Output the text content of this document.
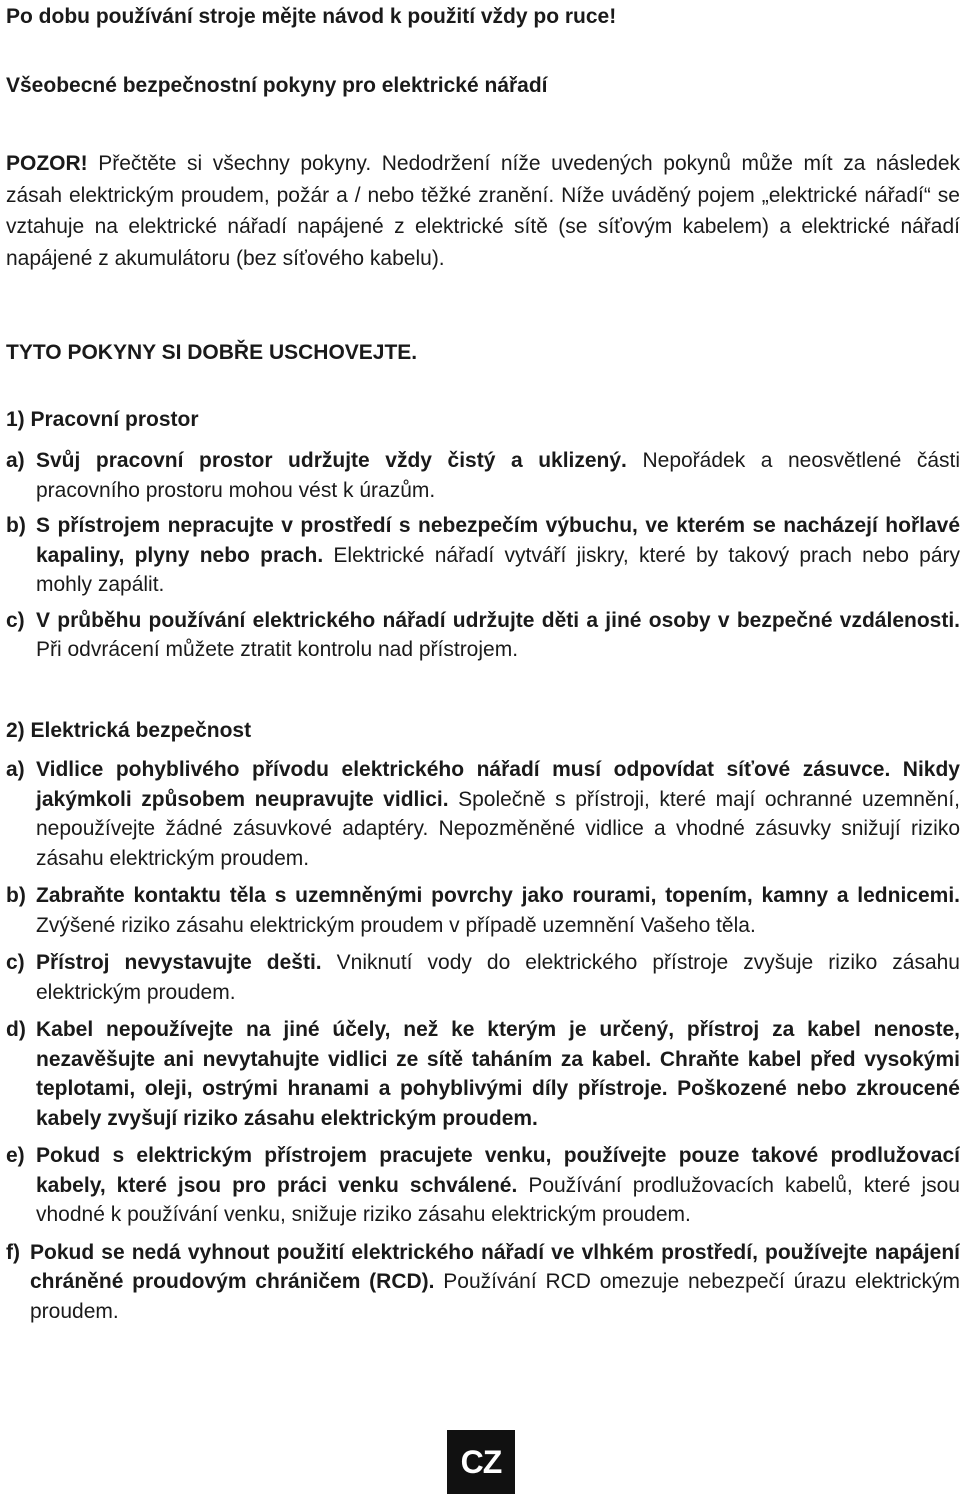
Po dobu používání stroje mějte návod k použití vždy po ruce!

Všeobecné bezpečnostní pokyny pro elektrické nářadí

POZOR! Přečtěte si všechny pokyny. Nedodržení níže uvedených pokynů může mít za následek zásah elektrickým proudem, požár a / nebo těžké zranění. Níže uváděný pojem „elektrické nářadí“ se vztahuje na elektrické nářadí napájené z elektrické sítě (se síťovým kabelem) a elektrické nářadí napájené z akumulátoru (bez síťového kabelu).

TYTO POKYNY SI DOBŘE USCHOVEJTE.

1) Pracovní prostor

a) Svůj pracovní prostor udržujte vždy čistý a uklizený. Nepořádek a neosvětlené části pracovního prostoru mohou vést k úrazům.
b) S přístrojem nepracujte v prostředí s nebezpečím výbuchu, ve kterém se nacházejí hořlavé kapaliny, plyny nebo prach. Elektrické nářadí vytváří jiskry, které by takový prach nebo páry mohly zapálit.
c) V průběhu používání elektrického nářadí udržujte děti a jiné osoby v bezpečné vzdálenosti. Při odvrácení můžete ztratit kontrolu nad přístrojem.

2) Elektrická bezpečnost

a) Vidlice pohyblivého přívodu elektrického nářadí musí odpovídat síťové zásuvce. Nikdy jakýmkoli způsobem neupravujte vidlici. Společně s přístroji, které mají ochranné uzemnění, nepoužívejte žádné zásuvkové adaptéry. Nepozměněné vidlice a vhodné zásuvky snižují riziko zásahu elektrickým proudem.
b) Zabraňte kontaktu těla s uzemněnými povrchy jako rourami, topením, kamny a lednicemi. Zvýšené riziko zásahu elektrickým proudem v případě uzemnění Vašeho těla.
c) Přístroj nevystavujte dešti. Vniknutí vody do elektrického přístroje zvyšuje riziko zásahu elektrickým proudem.
d) Kabel nepoužívejte na jiné účely, než ke kterým je určený, přístroj za kabel nenoste, nezavěšujte ani nevytahujte vidlici ze sítě taháním za kabel. Chraňte kabel před vysokými teplotami, oleji, ostrými hranami a pohyblivými díly přístroje. Poškozené nebo zkroucené kabely zvyšují riziko zásahu elektrickým proudem.
e) Pokud s elektrickým přístrojem pracujete venku, používejte pouze takové prodlužovací kabely, které jsou pro práci venku schválené. Používání prodlužovacích kabelů, které jsou vhodné k používání venku, snižuje riziko zásahu elektrickým proudem.
f) Pokud se nedá vyhnout použití elektrického nářadí ve vlhkém prostředí, používejte napájení chráněné proudovým chráničem (RCD). Používání RCD omezuje nebezpečí úrazu elektrickým proudem.
CZ
